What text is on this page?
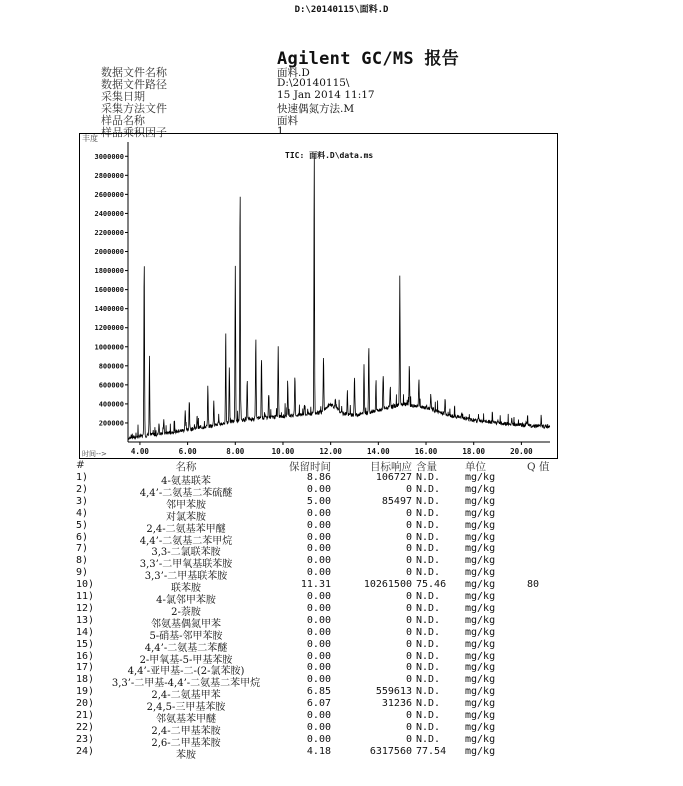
D:\20140115\面料.D
Agilent GC/MS 报告
数据文件名称	面料.D
数据文件路径	D:\20140115\
采集日期	15 Jan 2014 11:17
采集方法文件	快速偶氮方法.M
样品名称	面料
样品乘积因子	1
丰度
TIC: 面料.D\data.ms
200000
400000
600000
800000
1000000
1200000
1400000
1600000
1800000
2000000
2200000
2400000
2600000
2800000
3000000
4.00	6.00	8.00	10.00	12.00	14.00	16.00	18.00	20.00
时间-->
#	名称	保留时间	目标响应 含量	单位	Q 值
1)	4-氨基联苯	8.86	106727 N.D. mg/kg
2)	4,4’-二氨基二苯硫醚	0.00	0 N.D. mg/kg
3)	邻甲苯胺	5.00	85497 N.D. mg/kg
4)	对氯苯胺	0.00	0 N.D. mg/kg
5)	2,4-二氨基苯甲醚	0.00	0 N.D. mg/kg
6)	4,4’-二氨基二苯甲烷	0.00	0 N.D. mg/kg
7)	3,3-二氯联苯胺	0.00	0 N.D. mg/kg
8)	3,3’-二甲氧基联苯胺	0.00	0 N.D. mg/kg
9)	3,3’-二甲基联苯胺	0.00	0 N.D. mg/kg
10)	联苯胺	11.31	10261500 75.46 mg/kg	80
11)	4-氯邻甲苯胺	0.00	0 N.D. mg/kg
12)	2-萘胺	0.00	0 N.D. mg/kg
13)	邻氨基偶氮甲苯	0.00	0 N.D. mg/kg
14)	5-硝基-邻甲苯胺	0.00	0 N.D. mg/kg
15)	4,4’-二氨基二苯醚	0.00	0 N.D. mg/kg
16)	2-甲氧基-5-甲基苯胺	0.00	0 N.D. mg/kg
17)	4,4’-亚甲基-二-(2-氯苯胺)	0.00	0 N.D. mg/kg
18)	3,3’-二甲基-4,4’-二氨基二苯甲烷	0.00	0 N.D. mg/kg
19)	2,4-二氨基甲苯	6.85	559613 N.D. mg/kg
20)	2,4,5-三甲基苯胺	6.07	31236 N.D. mg/kg
21)	邻氨基苯甲醚	0.00	0 N.D. mg/kg
22)	2,4-二甲基苯胺	0.00	0 N.D. mg/kg
23)	2,6-二甲基苯胺	0.00	0 N.D. mg/kg
24)	苯胺	4.18	6317560 77.54 mg/kg
